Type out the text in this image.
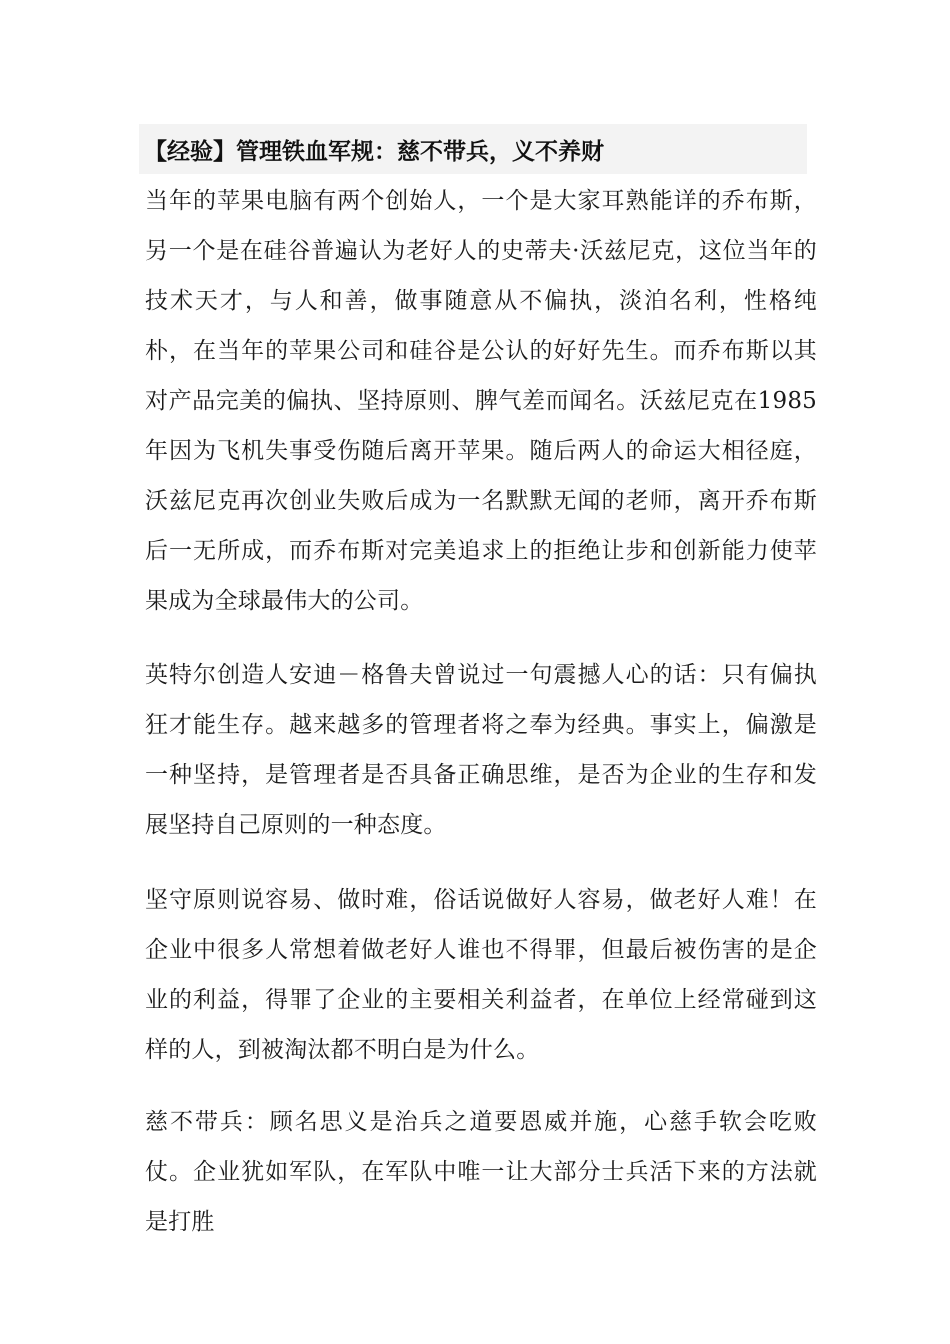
【经验】管理铁血军规：慈不带兵，义不养财

当年的苹果电脑有两个创始人，一个是大家耳熟能详的乔布斯，另一个是在硅谷普遍认为老好人的史蒂夫·沃兹尼克，这位当年的技术天才，与人和善，做事随意从不偏执，淡泊名利，性格纯朴，在当年的苹果公司和硅谷是公认的好好先生。而乔布斯以其对产品完美的偏执、坚持原则、脾气差而闻名。沃兹尼克在1985年因为飞机失事受伤随后离开苹果。随后两人的命运大相径庭，沃兹尼克再次创业失败后成为一名默默无闻的老师，离开乔布斯后一无所成，而乔布斯对完美追求上的拒绝让步和创新能力使苹果成为全球最伟大的公司。

英特尔创造人安迪－格鲁夫曾说过一句震撼人心的话：只有偏执狂才能生存。越来越多的管理者将之奉为经典。事实上，偏激是一种坚持，是管理者是否具备正确思维，是否为企业的生存和发展坚持自己原则的一种态度。

坚守原则说容易、做时难，俗话说做好人容易，做老好人难！在企业中很多人常想着做老好人谁也不得罪，但最后被伤害的是企业的利益，得罪了企业的主要相关利益者，在单位上经常碰到这样的人，到被淘汰都不明白是为什么。

慈不带兵：顾名思义是治兵之道要恩威并施，心慈手软会吃败仗。企业犹如军队，在军队中唯一让大部分士兵活下来的方法就是打胜
